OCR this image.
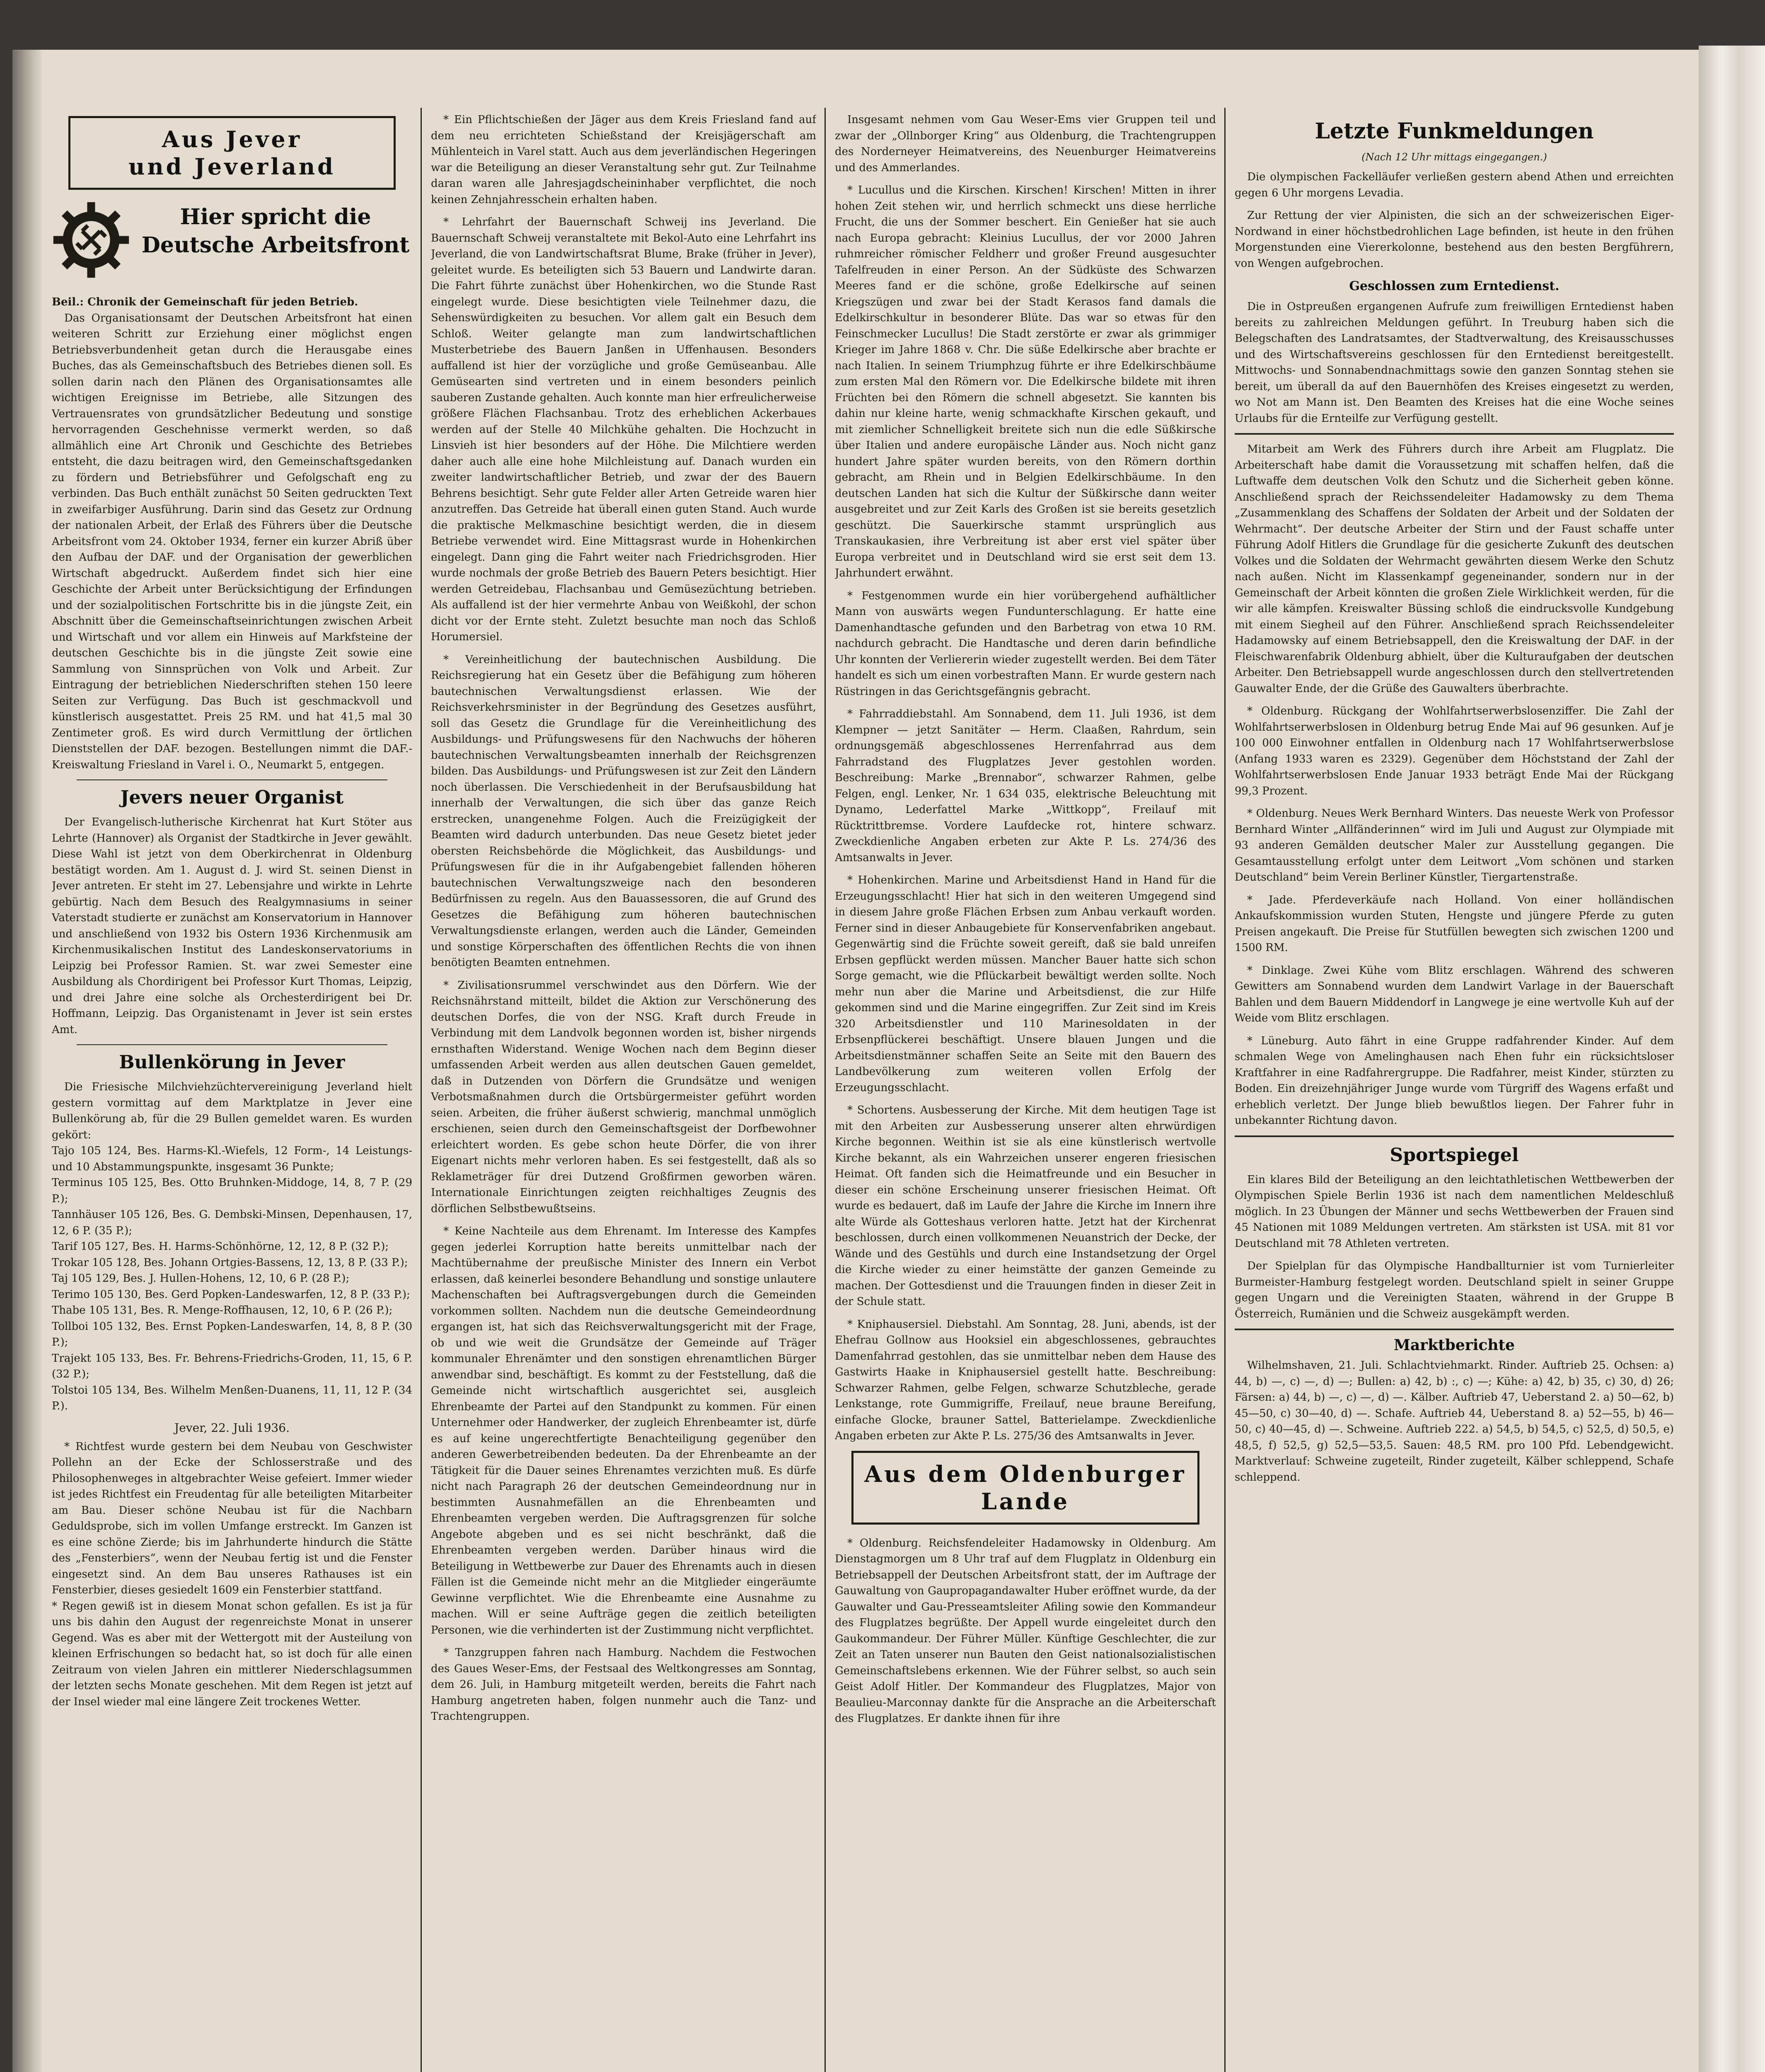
Aus Jever
und Jeverland
Hier spricht die
Deutsche Arbeitsfront

Beil.: Chronik der Gemeinschaft für jeden Betrieb.

Das Organisationsamt der Deutschen Arbeitsfront hat einen weiteren Schritt zur Erziehung einer möglichst engen Betriebsverbundenheit getan durch die Herausgabe eines Buches, das als Gemeinschaftsbuch des Betriebes dienen soll. Es sollen darin nach den Plänen des Organisationsamtes alle wichtigen Ereignisse im Betriebe, alle Sitzungen des Vertrauensrates von grundsätzlicher Bedeutung und sonstige hervorragenden Geschehnisse vermerkt werden, so daß allmählich eine Art Chronik und Geschichte des Betriebes entsteht, die dazu beitragen wird, den Gemeinschaftsgedanken zu fördern und Betriebsführer und Gefolgschaft eng zu verbinden. Das Buch enthält zunächst 50 Seiten gedruckten Text in zweifarbiger Ausführung. Darin sind das Gesetz zur Ordnung der nationalen Arbeit, der Erlaß des Führers über die Deutsche Arbeitsfront vom 24. Oktober 1934, ferner ein kurzer Abriß über den Aufbau der DAF. und der Organisation der gewerblichen Wirtschaft abgedruckt. Außerdem findet sich hier eine Geschichte der Arbeit unter Berücksichtigung der Erfindungen und der sozialpolitischen Fortschritte bis in die jüngste Zeit, ein Abschnitt über die Gemeinschaftseinrichtungen zwischen Arbeit und Wirtschaft und vor allem ein Hinweis auf Markfsteine der deutschen Geschichte bis in die jüngste Zeit sowie eine Sammlung von Sinnsprüchen von Volk und Arbeit. Zur Eintragung der betrieblichen Niederschriften stehen 150 leere Seiten zur Verfügung. Das Buch ist geschmackvoll und künstlerisch ausgestattet. Preis 25 RM. und hat 41,5 mal 30 Zentimeter groß. Es wird durch Vermittlung der örtlichen Dienststellen der DAF. bezogen. Bestellungen nimmt die DAF.-Kreiswaltung Friesland in Varel i. O., Neumarkt 5, entgegen.

Jevers neuer Organist

Der Evangelisch-lutherische Kirchenrat hat Kurt Stöter aus Lehrte (Hannover) als Organist der Stadtkirche in Jever gewählt. Diese Wahl ist jetzt von dem Oberkirchenrat in Oldenburg bestätigt worden. Am 1. August d. J. wird St. seinen Dienst in Jever antreten. Er steht im 27. Lebensjahre und wirkte in Lehrte gebürtig. Nach dem Besuch des Realgymnasiums in seiner Vaterstadt studierte er zunächst am Konservatorium in Hannover und anschließend von 1932 bis Ostern 1936 Kirchenmusik am Kirchenmusikalischen Institut des Landeskonservatoriums in Leipzig bei Professor Ramien. St. war zwei Semester eine Ausbildung als Chordirigent bei Professor Kurt Thomas, Leipzig, und drei Jahre eine solche als Orchesterdirigent bei Dr. Hoffmann, Leipzig. Das Organistenamt in Jever ist sein erstes Amt.

Bullenkörung in Jever

Die Friesische Milchviehzüchtervereinigung Jeverland hielt gestern vormittag auf dem Marktplatze in Jever eine Bullenkörung ab, für die 29 Bullen gemeldet waren. Es wurden gekört:
Tajo 105 124, Bes. Harms-Kl.-Wiefels, 12 Form-, 14 Leistungs- und 10 Abstammungspunkte, insgesamt 36 Punkte;
Terminus 105 125, Bes. Otto Bruhnken-Middoge, 14, 8, 7 P. (29 P.);
Tannhäuser 105 126, Bes. G. Dembski-Minsen, Depenhausen, 17, 12, 6 P. (35 P.);
Tarif 105 127, Bes. H. Harms-Schönhörne, 12, 12, 8 P. (32 P.);
Trokar 105 128, Bes. Johann Ortgies-Bassens, 12, 13, 8 P. (33 P.);
Taj 105 129, Bes. J. Hullen-Hohens, 12, 10, 6 P. (28 P.);
Terimo 105 130, Bes. Gerd Popken-Landeswarfen, 12, 8 P. (33 P.);
Thabe 105 131, Bes. R. Menge-Roffhausen, 12, 10, 6 P. (26 P.);
Tollboi 105 132, Bes. Ernst Popken-Landeswarfen, 14, 8, 8 P. (30 P.);
Trajekt 105 133, Bes. Fr. Behrens-Friedrichs-Groden, 11, 15, 6 P. (32 P.);
Tolstoi 105 134, Bes. Wilhelm Menßen-Duanens, 11, 11, 12 P. (34 P.).

Jever, 22. Juli 1936.

* Richtfest wurde gestern bei dem Neubau von Geschwister Pollehn an der Ecke der Schlosserstraße und des Philosophenweges in altgebrachter Weise gefeiert. Immer wieder ist jedes Richtfest ein Freudentag für alle beteiligten Mitarbeiter am Bau. Dieser schöne Neubau ist für die Nachbarn Geduldsprobe, sich im vollen Umfange erstreckt. Im Ganzen ist es eine schöne Zierde; bis im Jahrhunderte hindurch die Stätte des „Fensterbiers“, wenn der Neubau fertig ist und die Fenster eingesetzt sind. An dem Bau unseres Rathauses ist ein Fensterbier, dieses gesiedelt 1609 ein Fensterbier stattfand.
* Regen gewiß ist in diesem Monat schon gefallen. Es ist ja für uns bis dahin den August der regenreichste Monat in unserer Gegend. Was es aber mit der Wettergott mit der Austeilung von kleinen Erfrischungen so bedacht hat, so ist doch für alle einen Zeitraum von vielen Jahren ein mittlerer Niederschlagsummen der letzten sechs Monate geschehen. Mit dem Regen ist jetzt auf der Insel wieder mal eine längere Zeit trockenes Wetter.

* Ein Pflichtschießen der Jäger aus dem Kreis Friesland fand auf dem neu errichteten Schießstand der Kreisjägerschaft am Mühlenteich in Varel statt. Auch aus dem jeverländischen Hegeringen war die Beteiligung an dieser Veranstaltung sehr gut. Zur Teilnahme daran waren alle Jahresjagdscheininhaber verpflichtet, die noch keinen Zehnjahresschein erhalten haben.

* Lehrfahrt der Bauernschaft Schweij ins Jeverland. Die Bauernschaft Schweij veranstaltete mit Bekol-Auto eine Lehrfahrt ins Jeverland, die von Landwirtschaftsrat Blume, Brake (früher in Jever), geleitet wurde. Es beteiligten sich 53 Bauern und Landwirte daran. Die Fahrt führte zunächst über Hohenkirchen, wo die Stunde Rast eingelegt wurde. Diese besichtigten viele Teilnehmer dazu, die Sehenswürdigkeiten zu besuchen. Vor allem galt ein Besuch dem Schloß. Weiter gelangte man zum landwirtschaftlichen Musterbetriebe des Bauern Janßen in Uffenhausen. Besonders auffallend ist hier der vorzügliche und große Gemüseanbau. Alle Gemüsearten sind vertreten und in einem besonders peinlich sauberen Zustande gehalten. Auch konnte man hier erfreulicherweise größere Flächen Flachsanbau. Trotz des erheblichen Ackerbaues werden auf der Stelle 40 Milchkühe gehalten. Die Hochzucht in Linsvieh ist hier besonders auf der Höhe. Die Milchtiere werden daher auch alle eine hohe Milchleistung auf. Danach wurden ein zweiter landwirtschaftlicher Betrieb, und zwar der des Bauern Behrens besichtigt. Sehr gute Felder aller Arten Getreide waren hier anzutreffen. Das Getreide hat überall einen guten Stand. Auch wurde die praktische Melkmaschine besichtigt werden, die in diesem Betriebe verwendet wird. Eine Mittagsrast wurde in Hohenkirchen eingelegt. Dann ging die Fahrt weiter nach Friedrichsgroden. Hier wurde nochmals der große Betrieb des Bauern Peters besichtigt. Hier werden Getreidebau, Flachsanbau und Gemüsezüchtung betrieben. Als auffallend ist der hier vermehrte Anbau von Weißkohl, der schon dicht vor der Ernte steht. Zuletzt besuchte man noch das Schloß Horumersiel.

* Vereinheitlichung der bautechnischen Ausbildung. Die Reichsregierung hat ein Gesetz über die Befähigung zum höheren bautechnischen Verwaltungsdienst erlassen. Wie der Reichsverkehrsminister in der Begründung des Gesetzes ausführt, soll das Gesetz die Grundlage für die Vereinheitlichung des Ausbildungs- und Prüfungswesens für den Nachwuchs der höheren bautechnischen Verwaltungsbeamten innerhalb der Reichsgrenzen bilden. Das Ausbildungs- und Prüfungswesen ist zur Zeit den Ländern noch überlassen. Die Verschiedenheit in der Berufsausbildung hat innerhalb der Verwaltungen, die sich über das ganze Reich erstrecken, unangenehme Folgen. Auch die Freizügigkeit der Beamten wird dadurch unterbunden. Das neue Gesetz bietet jeder obersten Reichsbehörde die Möglichkeit, das Ausbildungs- und Prüfungswesen für die in ihr Aufgabengebiet fallenden höheren bautechnischen Verwaltungszweige nach den besonderen Bedürfnissen zu regeln. Aus den Bauassessoren, die auf Grund des Gesetzes die Befähigung zum höheren bautechnischen Verwaltungsdienste erlangen, werden auch die Länder, Gemeinden und sonstige Körperschaften des öffentlichen Rechts die von ihnen benötigten Beamten entnehmen.

* Zivilisationsrummel verschwindet aus den Dörfern. Wie der Reichsnährstand mitteilt, bildet die Aktion zur Verschönerung des deutschen Dorfes, die von der NSG. Kraft durch Freude in Verbindung mit dem Landvolk begonnen worden ist, bisher nirgends ernsthaften Widerstand. Wenige Wochen nach dem Beginn dieser umfassenden Arbeit werden aus allen deutschen Gauen gemeldet, daß in Dutzenden von Dörfern die Grundsätze und wenigen Verbotsmaßnahmen durch die Ortsbürgermeister geführt worden seien. Arbeiten, die früher äußerst schwierig, manchmal unmöglich erschienen, seien durch den Gemeinschaftsgeist der Dorfbewohner erleichtert worden. Es gebe schon heute Dörfer, die von ihrer Eigenart nichts mehr verloren haben. Es sei festgestellt, daß als so Reklameträger für drei Dutzend Großfirmen geworben wären. Internationale Einrichtungen zeigten reichhaltiges Zeugnis des dörflichen Selbstbewußtseins.

* Keine Nachteile aus dem Ehrenamt. Im Interesse des Kampfes gegen jederlei Korruption hatte bereits unmittelbar nach der Machtübernahme der preußische Minister des Innern ein Verbot erlassen, daß keinerlei besondere Behandlung und sonstige unlautere Machenschaften bei Auftragsvergebungen durch die Gemeinden vorkommen sollten. Nachdem nun die deutsche Gemeindeordnung ergangen ist, hat sich das Reichsverwaltungsgericht mit der Frage, ob und wie weit die Grundsätze der Gemeinde auf Träger kommunaler Ehrenämter und den sonstigen ehrenamtlichen Bürger anwendbar sind, beschäftigt. Es kommt zu der Feststellung, daß die Gemeinde nicht wirtschaftlich ausgerichtet sei, ausgleich Ehrenbeamte der Partei auf den Standpunkt zu kommen. Für einen Unternehmer oder Handwerker, der zugleich Ehrenbeamter ist, dürfe es auf keine ungerechtfertigte Benachteiligung gegenüber den anderen Gewerbetreibenden bedeuten. Da der Ehrenbeamte an der Tätigkeit für die Dauer seines Ehrenamtes verzichten muß. Es dürfe nicht nach Paragraph 26 der deutschen Gemeindeordnung nur in bestimmten Ausnahmefällen an die Ehrenbeamten und Ehrenbeamten vergeben werden. Die Auftragsgrenzen für solche Angebote abgeben und es sei nicht beschränkt, daß die Ehrenbeamten vergeben werden. Darüber hinaus wird die Beteiligung in Wettbewerbe zur Dauer des Ehrenamts auch in diesen Fällen ist die Gemeinde nicht mehr an die Mitglieder eingeräumte Gewinne verpflichtet. Wie die Ehrenbeamte eine Ausnahme zu machen. Will er seine Aufträge gegen die zeitlich beteiligten Personen, wie die verhinderten ist der Zustimmung nicht verpflichtet.

* Tanzgruppen fahren nach Hamburg. Nachdem die Festwochen des Gaues Weser-Ems, der Festsaal des Weltkongresses am Sonntag, dem 26. Juli, in Hamburg mitgeteilt werden, bereits die Fahrt nach Hamburg angetreten haben, folgen nunmehr auch die Tanz- und Trachtengruppen.

Insgesamt nehmen vom Gau Weser-Ems vier Gruppen teil und zwar der „Ollnborger Kring“ aus Oldenburg, die Trachtengruppen des Norderneyer Heimatvereins, des Neuenburger Heimatvereins und des Ammerlandes.

* Lucullus und die Kirschen. Kirschen! Kirschen! Mitten in ihrer hohen Zeit stehen wir, und herrlich schmeckt uns diese herrliche Frucht, die uns der Sommer beschert. Ein Genießer hat sie auch nach Europa gebracht: Kleinius Lucullus, der vor 2000 Jahren ruhmreicher römischer Feldherr und großer Freund ausgesuchter Tafelfreuden in einer Person. An der Südküste des Schwarzen Meeres fand er die schöne, große Edelkirsche auf seinen Kriegszügen und zwar bei der Stadt Kerasos fand damals die Edelkirschkultur in besonderer Blüte. Das war so etwas für den Feinschmecker Lucullus! Die Stadt zerstörte er zwar als grimmiger Krieger im Jahre 1868 v. Chr. Die süße Edelkirsche aber brachte er nach Italien. In seinem Triumphzug führte er ihre Edelkirschbäume zum ersten Mal den Römern vor. Die Edelkirsche bildete mit ihren Früchten bei den Römern die schnell abgesetzt. Sie kannten bis dahin nur kleine harte, wenig schmackhafte Kirschen gekauft, und mit ziemlicher Schnelligkeit breitete sich nun die edle Süßkirsche über Italien und andere europäische Länder aus. Noch nicht ganz hundert Jahre später wurden bereits, von den Römern dorthin gebracht, am Rhein und in Belgien Edelkirschbäume. In den deutschen Landen hat sich die Kultur der Süßkirsche dann weiter ausgebreitet und zur Zeit Karls des Großen ist sie bereits gesetzlich geschützt. Die Sauerkirsche stammt ursprünglich aus Transkaukasien, ihre Verbreitung ist aber erst viel später über Europa verbreitet und in Deutschland wird sie erst seit dem 13. Jahrhundert erwähnt.

* Festgenommen wurde ein hier vorübergehend aufhältlicher Mann von auswärts wegen Fundunterschlagung. Er hatte eine Damenhandtasche gefunden und den Barbetrag von etwa 10 RM. nachdurch gebracht. Die Handtasche und deren darin befindliche Uhr konnten der Verliererin wieder zugestellt werden. Bei dem Täter handelt es sich um einen vorbestraften Mann. Er wurde gestern nach Rüstringen in das Gerichtsgefängnis gebracht.

* Fahrraddiebstahl. Am Sonnabend, dem 11. Juli 1936, ist dem Klempner — jetzt Sanitäter — Herm. Claaßen, Rahrdum, sein ordnungsgemäß abgeschlossenes Herrenfahrrad aus dem Fahrradstand des Flugplatzes Jever gestohlen worden. Beschreibung: Marke „Brennabor“, schwarzer Rahmen, gelbe Felgen, engl. Lenker, Nr. 1 634 035, elektrische Beleuchtung mit Dynamo, Lederfattel Marke „Wittkopp“, Freilauf mit Rücktrittbremse. Vordere Laufdecke rot, hintere schwarz. Zweckdienliche Angaben erbeten zur Akte P. Ls. 274/36 des Amtsanwalts in Jever.

* Hohenkirchen. Marine und Arbeitsdienst Hand in Hand für die Erzeugungsschlacht! Hier hat sich in den weiteren Umgegend sind in diesem Jahre große Flächen Erbsen zum Anbau verkauft worden. Ferner sind in dieser Anbaugebiete für Konservenfabriken angebaut. Gegenwärtig sind die Früchte soweit gereift, daß sie bald unreifen Erbsen gepflückt werden müssen. Mancher Bauer hatte sich schon Sorge gemacht, wie die Pflückarbeit bewältigt werden sollte. Noch mehr nun aber die Marine und Arbeitsdienst, die zur Hilfe gekommen sind und die Marine eingegriffen. Zur Zeit sind im Kreis 320 Arbeitsdienstler und 110 Marinesoldaten in der Erbsenpflückerei beschäftigt. Unsere blauen Jungen und die Arbeitsdienstmänner schaffen Seite an Seite mit den Bauern des Landbevölkerung zum weiteren vollen Erfolg der Erzeugungsschlacht.

* Schortens. Ausbesserung der Kirche. Mit dem heutigen Tage ist mit den Arbeiten zur Ausbesserung unserer alten ehrwürdigen Kirche begonnen. Weithin ist sie als eine künstlerisch wertvolle Kirche bekannt, als ein Wahrzeichen unserer engeren friesischen Heimat. Oft fanden sich die Heimatfreunde und ein Besucher in dieser ein schöne Erscheinung unserer friesischen Heimat. Oft wurde es bedauert, daß im Laufe der Jahre die Kirche im Innern ihre alte Würde als Gotteshaus verloren hatte. Jetzt hat der Kirchenrat beschlossen, durch einen vollkommenen Neuanstrich der Decke, der Wände und des Gestühls und durch eine Instandsetzung der Orgel die Kirche wieder zu einer heimstätte der ganzen Gemeinde zu machen. Der Gottesdienst und die Trauungen finden in dieser Zeit in der Schule statt.

* Kniphausersiel. Diebstahl. Am Sonntag, 28. Juni, abends, ist der Ehefrau Gollnow aus Hooksiel ein abgeschlossenes, gebrauchtes Damenfahrrad gestohlen, das sie unmittelbar neben dem Hause des Gastwirts Haake in Kniphausersiel gestellt hatte. Beschreibung: Schwarzer Rahmen, gelbe Felgen, schwarze Schutzbleche, gerade Lenkstange, rote Gummigriffe, Freilauf, neue braune Bereifung, einfache Glocke, brauner Sattel, Batterielampe. Zweckdienliche Angaben erbeten zur Akte P. Ls. 275/36 des Amtsanwalts in Jever.

Aus dem Oldenburger
Lande

* Oldenburg. Reichsfendeleiter Hadamowsky in Oldenburg. Am Dienstagmorgen um 8 Uhr traf auf dem Flugplatz in Oldenburg ein Betriebsappell der Deutschen Arbeitsfront statt, der im Auftrage der Gauwaltung von Gaupropagandawalter Huber eröffnet wurde, da der Gauwalter und Gau-Presseamtsleiter Afiling sowie den Kommandeur des Flugplatzes begrüßte. Der Appell wurde eingeleitet durch den Gaukommandeur. Der Führer Müller. Künftige Geschlechter, die zur Zeit an Taten unserer nun Bauten den Geist nationalsozialistischen Gemeinschaftslebens erkennen. Wie der Führer selbst, so auch sein Geist Adolf Hitler. Der Kommandeur des Flugplatzes, Major von Beaulieu-Marconnay dankte für die Ansprache an die Arbeiterschaft des Flugplatzes. Er dankte ihnen für ihre

Letzte Funkmeldungen
(Nach 12 Uhr mittags eingegangen.)

Die olympischen Fackelläufer verließen gestern abend Athen und erreichten gegen 6 Uhr morgens Levadia.

Zur Rettung der vier Alpinisten, die sich an der schweizerischen Eiger-Nordwand in einer höchstbedrohlichen Lage befinden, ist heute in den frühen Morgenstunden eine Viererkolonne, bestehend aus den besten Bergführern, von Wengen aufgebrochen.

Geschlossen zum Erntedienst.

Die in Ostpreußen ergangenen Aufrufe zum freiwilligen Erntedienst haben bereits zu zahlreichen Meldungen geführt. In Treuburg haben sich die Belegschaften des Landratsamtes, der Stadtverwaltung, des Kreisausschusses und des Wirtschaftsvereins geschlossen für den Erntedienst bereitgestellt. Mittwochs- und Sonnabendnachmittags sowie den ganzen Sonntag stehen sie bereit, um überall da auf den Bauernhöfen des Kreises eingesetzt zu werden, wo Not am Mann ist. Den Beamten des Kreises hat die eine Woche seines Urlaubs für die Ernteilfe zur Verfügung gestellt.

Mitarbeit am Werk des Führers durch ihre Arbeit am Flugplatz. Die Arbeiterschaft habe damit die Voraussetzung mit schaffen helfen, daß die Luftwaffe dem deutschen Volk den Schutz und die Sicherheit geben könne. Anschließend sprach der Reichssendeleiter Hadamowsky zu dem Thema „Zusammenklang des Schaffens der Soldaten der Arbeit und der Soldaten der Wehrmacht“. Der deutsche Arbeiter der Stirn und der Faust schaffe unter Führung Adolf Hitlers die Grundlage für die gesicherte Zukunft des deutschen Volkes und die Soldaten der Wehrmacht gewährten diesem Werke den Schutz nach außen. Nicht im Klassenkampf gegeneinander, sondern nur in der Gemeinschaft der Arbeit könnten die großen Ziele Wirklichkeit werden, für die wir alle kämpfen. Kreiswalter Büssing schloß die eindrucksvolle Kundgebung mit einem Siegheil auf den Führer. Anschließend sprach Reichssendeleiter Hadamowsky auf einem Betriebsappell, den die Kreiswaltung der DAF. in der Fleischwarenfabrik Oldenburg abhielt, über die Kulturaufgaben der deutschen Arbeiter. Den Betriebsappell wurde angeschlossen durch den stellvertretenden Gauwalter Ende, der die Grüße des Gauwalters überbrachte.

* Oldenburg. Rückgang der Wohlfahrtserwerbslosenziffer. Die Zahl der Wohlfahrtserwerbslosen in Oldenburg betrug Ende Mai auf 96 gesunken. Auf je 100 000 Einwohner entfallen in Oldenburg nach 17 Wohlfahrtserwerbslose (Anfang 1933 waren es 2329). Gegenüber dem Höchststand der Zahl der Wohlfahrtserwerbslosen Ende Januar 1933 beträgt Ende Mai der Rückgang 99,3 Prozent.

* Oldenburg. Neues Werk Bernhard Winters. Das neueste Werk von Professor Bernhard Winter „Allfänderinnen“ wird im Juli und August zur Olympiade mit 93 anderen Gemälden deutscher Maler zur Ausstellung gegangen. Die Gesamtausstellung erfolgt unter dem Leitwort „Vom schönen und starken Deutschland“ beim Verein Berliner Künstler, Tiergartenstraße.

* Jade. Pferdeverkäufe nach Holland. Von einer holländischen Ankaufskommission wurden Stuten, Hengste und jüngere Pferde zu guten Preisen angekauft. Die Preise für Stutfüllen bewegten sich zwischen 1200 und 1500 RM.

* Dinklage. Zwei Kühe vom Blitz erschlagen. Während des schweren Gewitters am Sonnabend wurden dem Landwirt Varlage in der Bauerschaft Bahlen und dem Bauern Middendorf in Langwege je eine wertvolle Kuh auf der Weide vom Blitz erschlagen.

* Lüneburg. Auto fährt in eine Gruppe radfahrender Kinder. Auf dem schmalen Wege von Amelinghausen nach Ehen fuhr ein rücksichtsloser Kraftfahrer in eine Radfahrergruppe. Die Radfahrer, meist Kinder, stürzten zu Boden. Ein dreizehnjähriger Junge wurde vom Türgriff des Wagens erfaßt und erheblich verletzt. Der Junge blieb bewußtlos liegen. Der Fahrer fuhr in unbekannter Richtung davon.

Sportspiegel

Ein klares Bild der Beteiligung an den leichtathletischen Wettbewerben der Olympischen Spiele Berlin 1936 ist nach dem namentlichen Meldeschluß möglich. In 23 Übungen der Männer und sechs Wettbewerben der Frauen sind 45 Nationen mit 1089 Meldungen vertreten. Am stärksten ist USA. mit 81 vor Deutschland mit 78 Athleten vertreten.

Der Spielplan für das Olympische Handballturnier ist vom Turnierleiter Burmeister-Hamburg festgelegt worden. Deutschland spielt in seiner Gruppe gegen Ungarn und die Vereinigten Staaten, während in der Gruppe B Österreich, Rumänien und die Schweiz ausgekämpft werden.

Marktberichte

Wilhelmshaven, 21. Juli. Schlachtviehmarkt. Rinder. Auftrieb 25. Ochsen: a) 44, b) —, c) —, d) —; Bullen: a) 42, b) :, c) —; Kühe: a) 42, b) 35, c) 30, d) 26; Färsen: a) 44, b) —, c) —, d) —. Kälber. Auftrieb 47, Ueberstand 2. a) 50—62, b) 45—50, c) 30—40, d) —. Schafe. Auftrieb 44, Ueberstand 8. a) 52—55, b) 46—50, c) 40—45, d) —. Schweine. Auftrieb 222. a) 54,5, b) 54,5, c) 52,5, d) 50,5, e) 48,5, f) 52,5, g) 52,5—53,5. Sauen: 48,5 RM. pro 100 Pfd. Lebendgewicht. Marktverlauf: Schweine zugeteilt, Rinder zugeteilt, Kälber schleppend, Schafe schleppend.
